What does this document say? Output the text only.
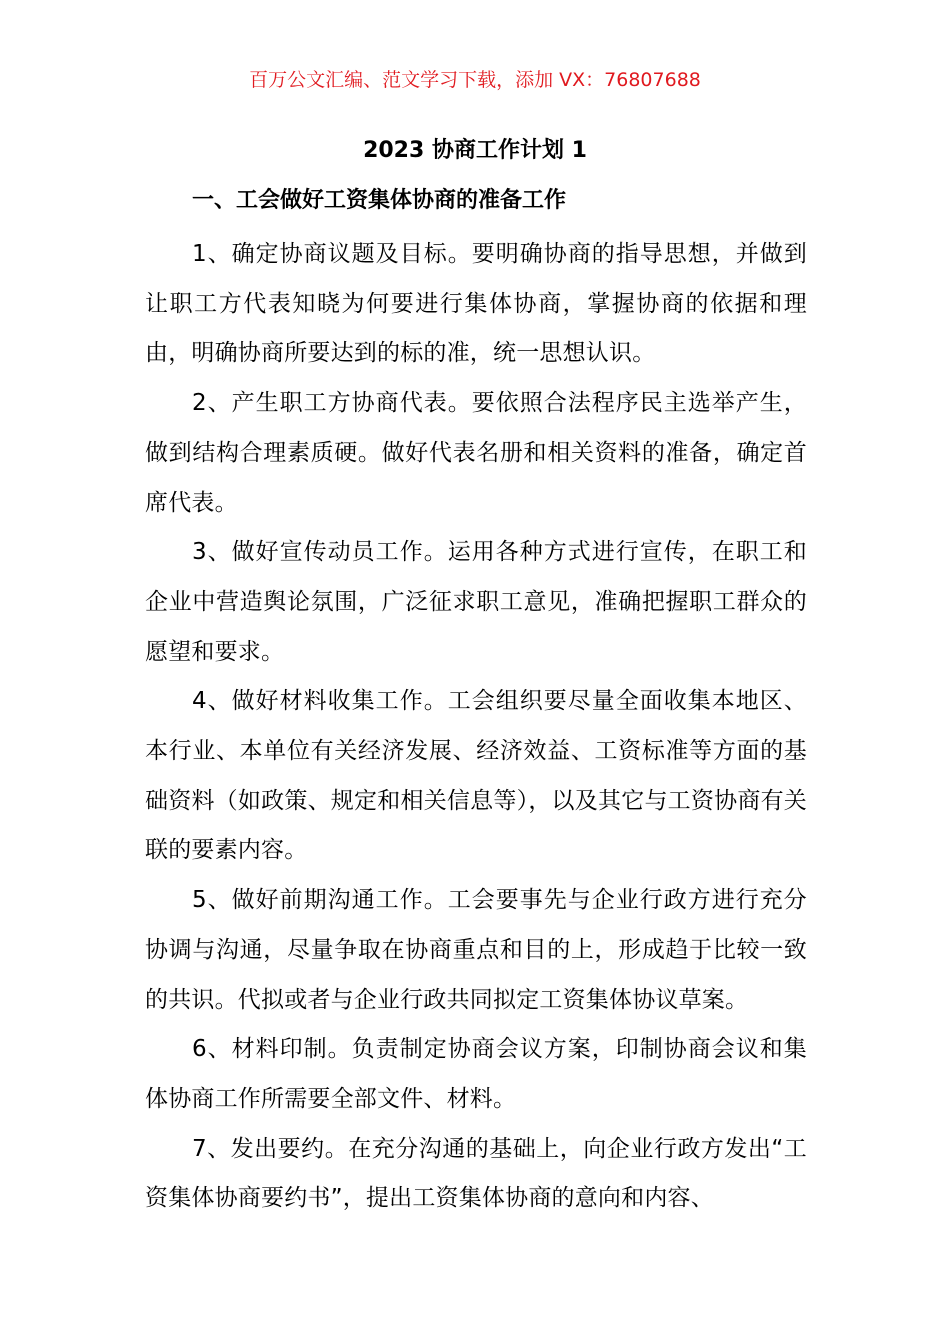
百万公文汇编、范文学习下载，添加 VX：76807688
2023 协商工作计划 1
一、工会做好工资集体协商的准备工作

1、确定协商议题及目标。要明确协商的指导思想，并做到让职工方代表知晓为何要进行集体协商，掌握协商的依据和理由，明确协商所要达到的标的准，统一思想认识。

2、产生职工方协商代表。要依照合法程序民主选举产生，做到结构合理素质硬。做好代表名册和相关资料的准备，确定首席代表。

3、做好宣传动员工作。运用各种方式进行宣传，在职工和企业中营造舆论氛围，广泛征求职工意见，准确把握职工群众的愿望和要求。

4、做好材料收集工作。工会组织要尽量全面收集本地区、本行业、本单位有关经济发展、经济效益、工资标准等方面的基础资料（如政策、规定和相关信息等），以及其它与工资协商有关联的要素内容。

5、做好前期沟通工作。工会要事先与企业行政方进行充分协调与沟通，尽量争取在协商重点和目的上，形成趋于比较一致的共识。代拟或者与企业行政共同拟定工资集体协议草案。

6、材料印制。负责制定协商会议方案，印制协商会议和集体协商工作所需要全部文件、材料。

7、发出要约。在充分沟通的基础上，向企业行政方发出“工资集体协商要约书”，提出工资集体协商的意向和内容、
